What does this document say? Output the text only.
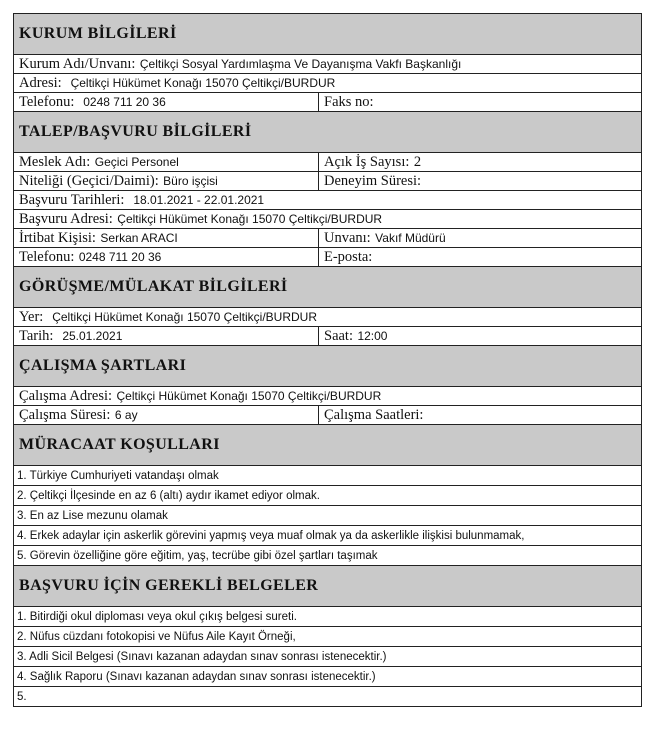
KURUM BİLGİLERİ	
Kurum Adı/Unvanı: Çeltikçi Sosyal Yardımlaşma Ve Dayanışma Vakfı Başkanlığı	
Adresi: Çeltikçi Hükümet Konağı 15070 Çeltikçi/BURDUR	
Telefonu: 0248 711 20 36	Faks no:
TALEP/BAŞVURU BİLGİLERİ	
Meslek Adı: Geçici Personel	Açık İş Sayısı: 2
Niteliği (Geçici/Daimi): Büro işçisi	Deneyim Süresi:
Başvuru Tarihleri: 18.01.2021 - 22.01.2021	
Başvuru Adresi: Çeltikçi Hükümet Konağı 15070 Çeltikçi/BURDUR	
İrtibat Kişisi: Serkan ARACI	Unvanı: Vakıf Müdürü
Telefonu: 0248 711 20 36	E-posta:
GÖRÜŞME/MÜLAKAT BİLGİLERİ	
Yer: Çeltikçi Hükümet Konağı 15070 Çeltikçi/BURDUR	
Tarih: 25.01.2021	Saat: 12:00
ÇALIŞMA ŞARTLARI	
Çalışma Adresi: Çeltikçi Hükümet Konağı 15070 Çeltikçi/BURDUR	
Çalışma Süresi: 6 ay	Çalışma Saatleri:
MÜRACAAT KOŞULLARI	
1. Türkiye Cumhuriyeti vatandaşı olmak	
2. Çeltikçi İlçesinde en az 6 (altı) aydır ikamet ediyor olmak.	
3. En az Lise mezunu olamak	
4. Erkek adaylar için askerlik görevini yapmış veya muaf olmak ya da askerlikle ilişkisi bulunmamak,	
5. Görevin özelliğine göre eğitim, yaş, tecrübe gibi özel şartları taşımak	
BAŞVURU İÇİN GEREKLİ BELGELER	
1. Bitirdiği okul diploması veya okul çıkış belgesi sureti.	
2. Nüfus cüzdanı fotokopisi ve Nüfus Aile Kayıt Örneği,	
3. Adli Sicil Belgesi (Sınavı kazanan adaydan sınav sonrası istenecektir.)	
4. Sağlık Raporu (Sınavı kazanan adaydan sınav sonrası istenecektir.)	
5.	
